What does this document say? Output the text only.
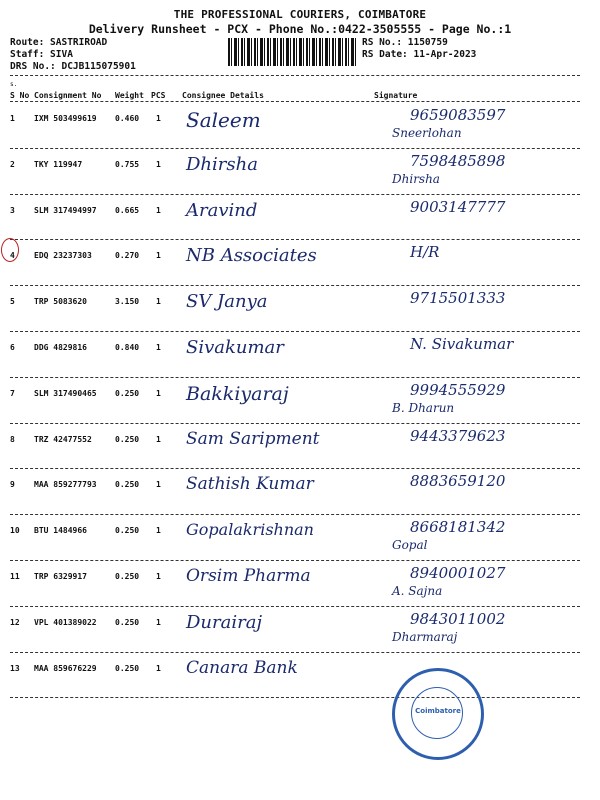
THE PROFESSIONAL COURIERS, COIMBATORE
Delivery Runsheet - PCX - Phone No.:0422-3505555 - Page No.:1
Route: SASTRIROAD
Staff: SIVA
DRS No.: DCJB115075901
RS No.: 1150759
RS Date: 11-Apr-2023
s.
S No Consignment No Weight PCS Consignee Details	Signature
1 IXM 503499619 0.460 1 Saleem	9659083597
Sneerlohan
2 TKY 119947	0.755 1 Dhirsha	7598485898
Dhirsha
3 SLM 317494997 0.665 1 Aravind	9003147777
4 EDQ 23237303	0.270 1 NB Associates	H/R
5 TRP 5083620	3.150 1 SV Janya	9715501333
6 DDG 4829816	0.840 1 Sivakumar	N. Sivakumar
7 SLM 317490465 0.250 1 Bakkiyaraj	9994555929
B. Dharun
8 TRZ 42477552	0.250 1 Sam Saripment	9443379623
9 MAA 859277793 0.250 1 Sathish Kumar	8883659120
10 BTU 1484966	0.250 1 Gopalakrishnan	8668181342
Gopal
11 TRP 6329917	0.250 1 Orsim Pharma	8940001027
A. Sajna
12 VPL 401389022 0.250 1 Durairaj	9843011002
Dharmaraj
13 MAA 859676229 0.250 1 Canara Bank
Coimbatore
